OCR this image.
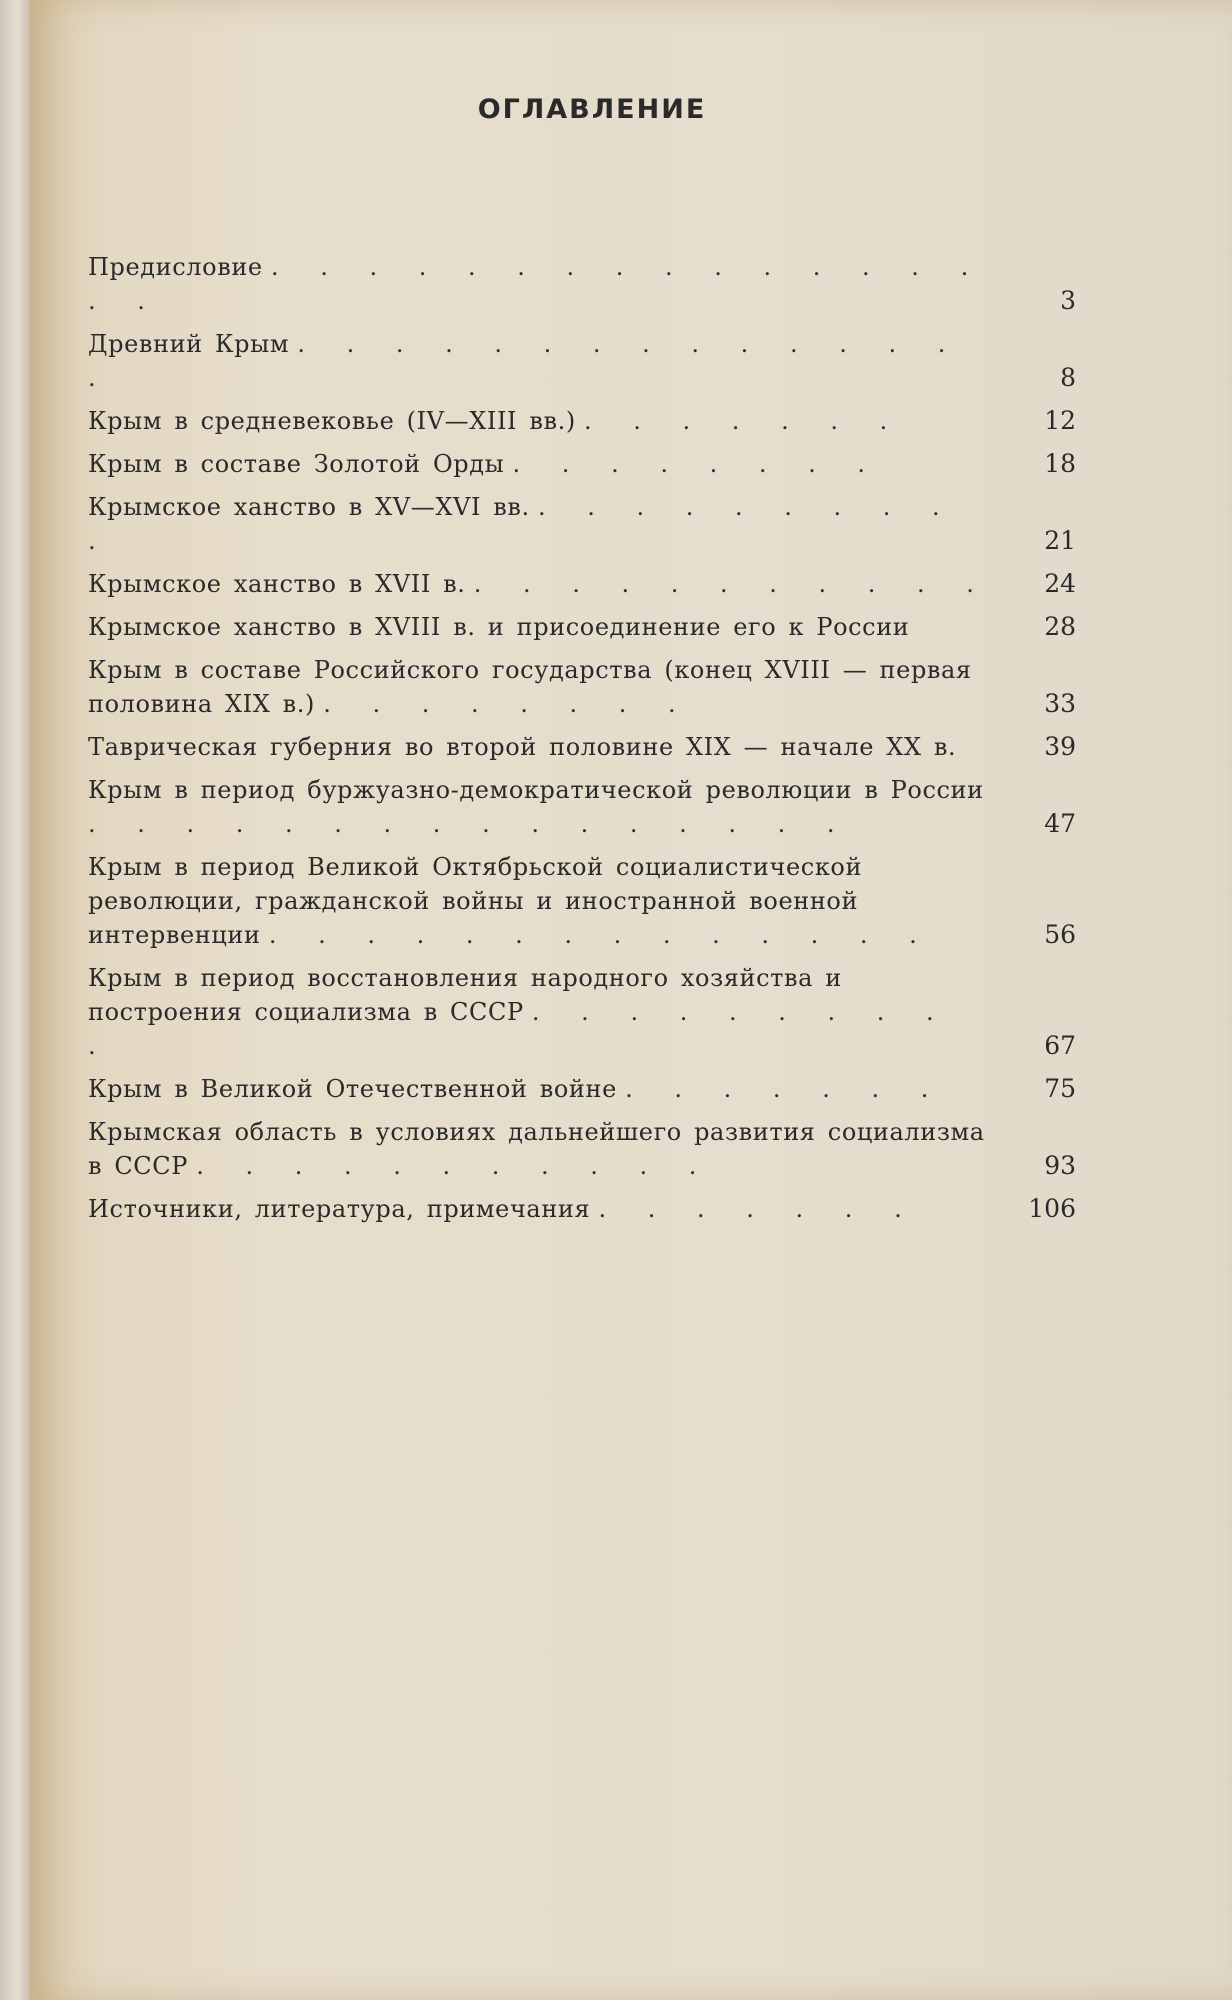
ОГЛАВЛЕНИЕ
Предисловие . . . . . . . . . . . . . . . . .	3
Древний Крым . . . . . . . . . . . . . . .	8
Крым в средневековье (IV—XIII вв.) . . . . . . .	12
Крым в составе Золотой Орды . . . . . . . .	18
Крымское ханство в XV—XVI вв. . . . . . . . . . .	21
Крымское ханство в XVII в. . . . . . . . . . . .	24
Крымское ханство в XVIII в. и присоединение его к России	28
Крым в составе Российского государства (конец XVIII — первая половина XIX в.) . . . . . . . .	33
Таврическая губерния во второй половине XIX — начале XX в.	39
Крым в период буржуазно-демократической революции в России . . . . . . . . . . . . . . . .	47
Крым в период Великой Октябрьской социалистической революции, гражданской войны и иностранной военной интервенции . . . . . . . . . . . . . .	56
Крым в период восстановления народного хозяйства и построения социализма в СССР . . . . . . . . . .	67
Крым в Великой Отечественной войне . . . . . . .	75
Крымская область в условиях дальнейшего развития социализма в СССР . . . . . . . . . . .	93
Источники, литература, примечания . . . . . . .	106
